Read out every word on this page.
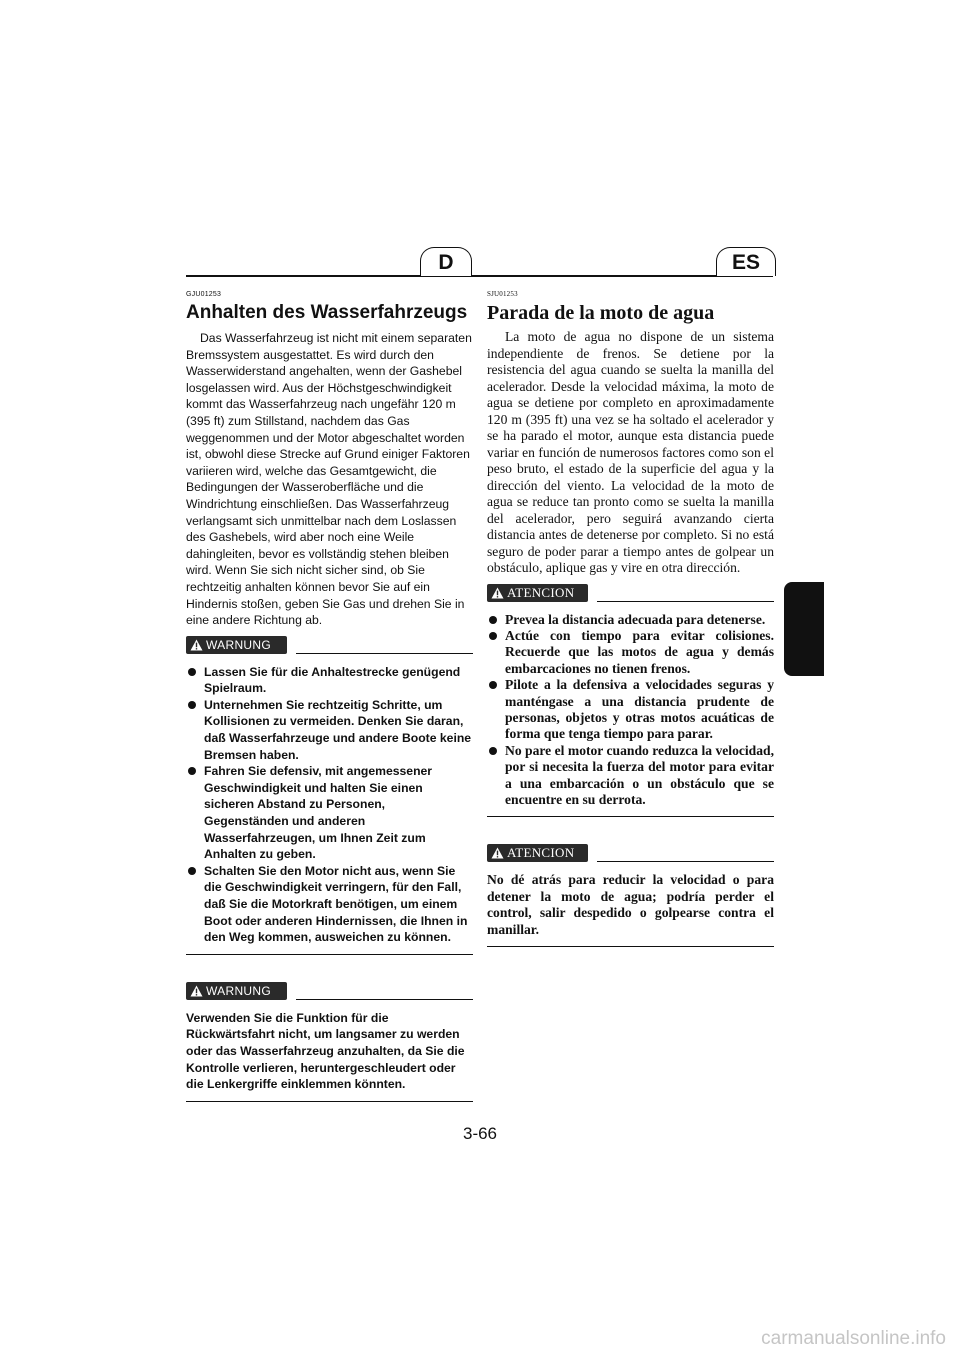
D	ES

GJU01253

Anhalten des Wasserfahrzeugs

Das Wasserfahrzeug ist nicht mit einem separaten Bremssystem ausgestattet. Es wird durch den Wasserwiderstand angehalten, wenn der Gashebel losgelassen wird. Aus der Höchstgeschwindigkeit kommt das Wasserfahrzeug nach ungefähr 120 m (395 ft) zum Stillstand, nachdem das Gas weggenommen und der Motor abgeschaltet worden ist, obwohl diese Strecke auf Grund einiger Faktoren variieren wird, welche das Gesamtgewicht, die Bedingungen der Wasseroberfläche und die Windrichtung einschließen. Das Wasserfahrzeug verlangsamt sich unmittelbar nach dem Loslassen des Gashebels, wird aber noch eine Weile dahingleiten, bevor es vollständig stehen bleiben wird. Wenn Sie sich nicht sicher sind, ob Sie rechtzeitig anhalten können bevor Sie auf ein Hindernis stoßen, geben Sie Gas und drehen Sie in eine andere Richtung ab.

WARNUNG
Lassen Sie für die Anhaltestrecke genügend Spielraum.
Unternehmen Sie rechtzeitig Schritte, um Kollisionen zu vermeiden. Denken Sie daran, daß Wasserfahrzeuge und andere Boote keine Bremsen haben.
Fahren Sie defensiv, mit angemessener Geschwindigkeit und halten Sie einen sicheren Abstand zu Personen, Gegenständen und anderen Wasserfahrzeugen, um Ihnen Zeit zum Anhalten zu geben.
Schalten Sie den Motor nicht aus, wenn Sie die Geschwindigkeit verringern, für den Fall, daß Sie die Motorkraft benötigen, um einem Boot oder anderen Hindernissen, die Ihnen in den Weg kommen, ausweichen zu können.
WARNUNG

Verwenden Sie die Funktion für die Rückwärtsfahrt nicht, um langsamer zu werden oder das Wasserfahrzeug anzuhalten, da Sie die Kontrolle verlieren, heruntergeschleudert oder die Lenkergriffe einklemmen könnten.

SJU01253

Parada de la moto de agua

La moto de agua no dispone de un sistema independiente de frenos. Se detiene por la resistencia del agua cuando se suelta la manilla del acelerador. Desde la velocidad máxima, la moto de agua se detiene por completo en aproximadamente 120 m (395 ft) una vez se ha soltado el acelerador y se ha parado el motor, aunque esta distancia puede variar en función de numerosos factores como son el peso bruto, el estado de la superficie del agua y la dirección del viento. La velocidad de la moto de agua se reduce tan pronto como se suelta la manilla del acelerador, pero seguirá avanzando cierta distancia antes de detenerse por completo. Si no está seguro de poder parar a tiempo antes de golpear un obstáculo, aplique gas y vire en otra dirección.

ATENCION
Prevea la distancia adecuada para detenerse.
Actúe con tiempo para evitar colisiones. Recuerde que las motos de agua y demás embarcaciones no tienen frenos.
Pilote a la defensiva a velocidades seguras y manténgase a una distancia prudente de personas, objetos y otras motos acuáticas de forma que tenga tiempo para parar.
No pare el motor cuando reduzca la velocidad, por si necesita la fuerza del motor para evitar a una embarcación o un obstáculo que se encuentre en su derrota.
ATENCION

No dé atrás para reducir la velocidad o para detener la moto de agua; podría perder el control, salir despedido o golpearse contra el manillar.

3-66
carmanualsonline.info
